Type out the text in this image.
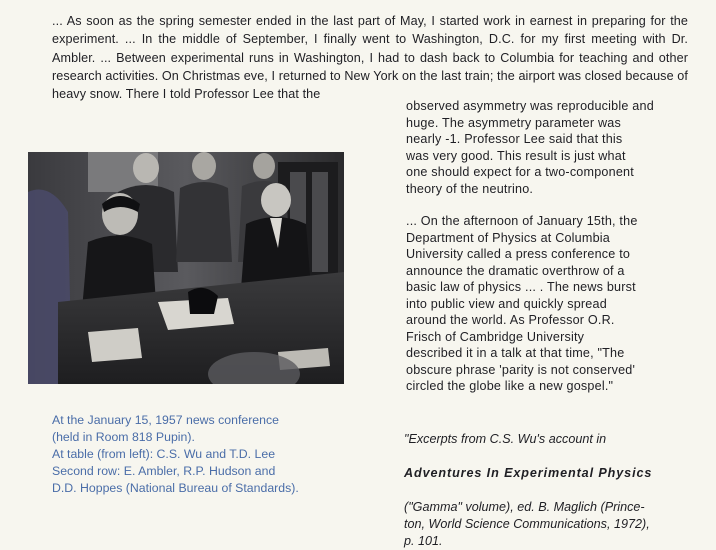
... As soon as the spring semester ended in the last part of May, I started work in earnest in preparing for the experiment. ... In the middle of September, I finally went to Washington, D.C. for my first meeting with Dr. Ambler. ... Between experimental runs in Washington, I had to dash back to Columbia for teaching and other research activities. On Christmas eve, I returned to New York on the last train; the airport was closed because of heavy snow. There I told Professor Lee that the

observed asymmetry was reproducible and
huge. The asymmetry parameter was
nearly -1. Professor Lee said that this
was very good. This result is just what
one should expect for a two-component
theory of the neutrino.

... On the afternoon of January 15th, the
Department of Physics at Columbia
University called a press conference to
announce the dramatic overthrow of a
basic law of physics ... . The news burst
into public view and quickly spread
around the world. As Professor O.R.
Frisch of Cambridge University
described it in a talk at that time, "The
obscure phrase 'parity is not conserved'
circled the globe like a new gospel."

At the January 15, 1957 news conference
(held in Room 818 Pupin).
At table (from left): C.S. Wu and T.D. Lee
Second row: E. Ambler, R.P. Hudson and
D.D. Hoppes (National Bureau of Standards).

"Excerpts from C.S. Wu's account in

Adventures In Experimental Physics

("Gamma" volume), ed. B. Maglich (Prince-
ton, World Science Communications, 1972),
p. 101.
